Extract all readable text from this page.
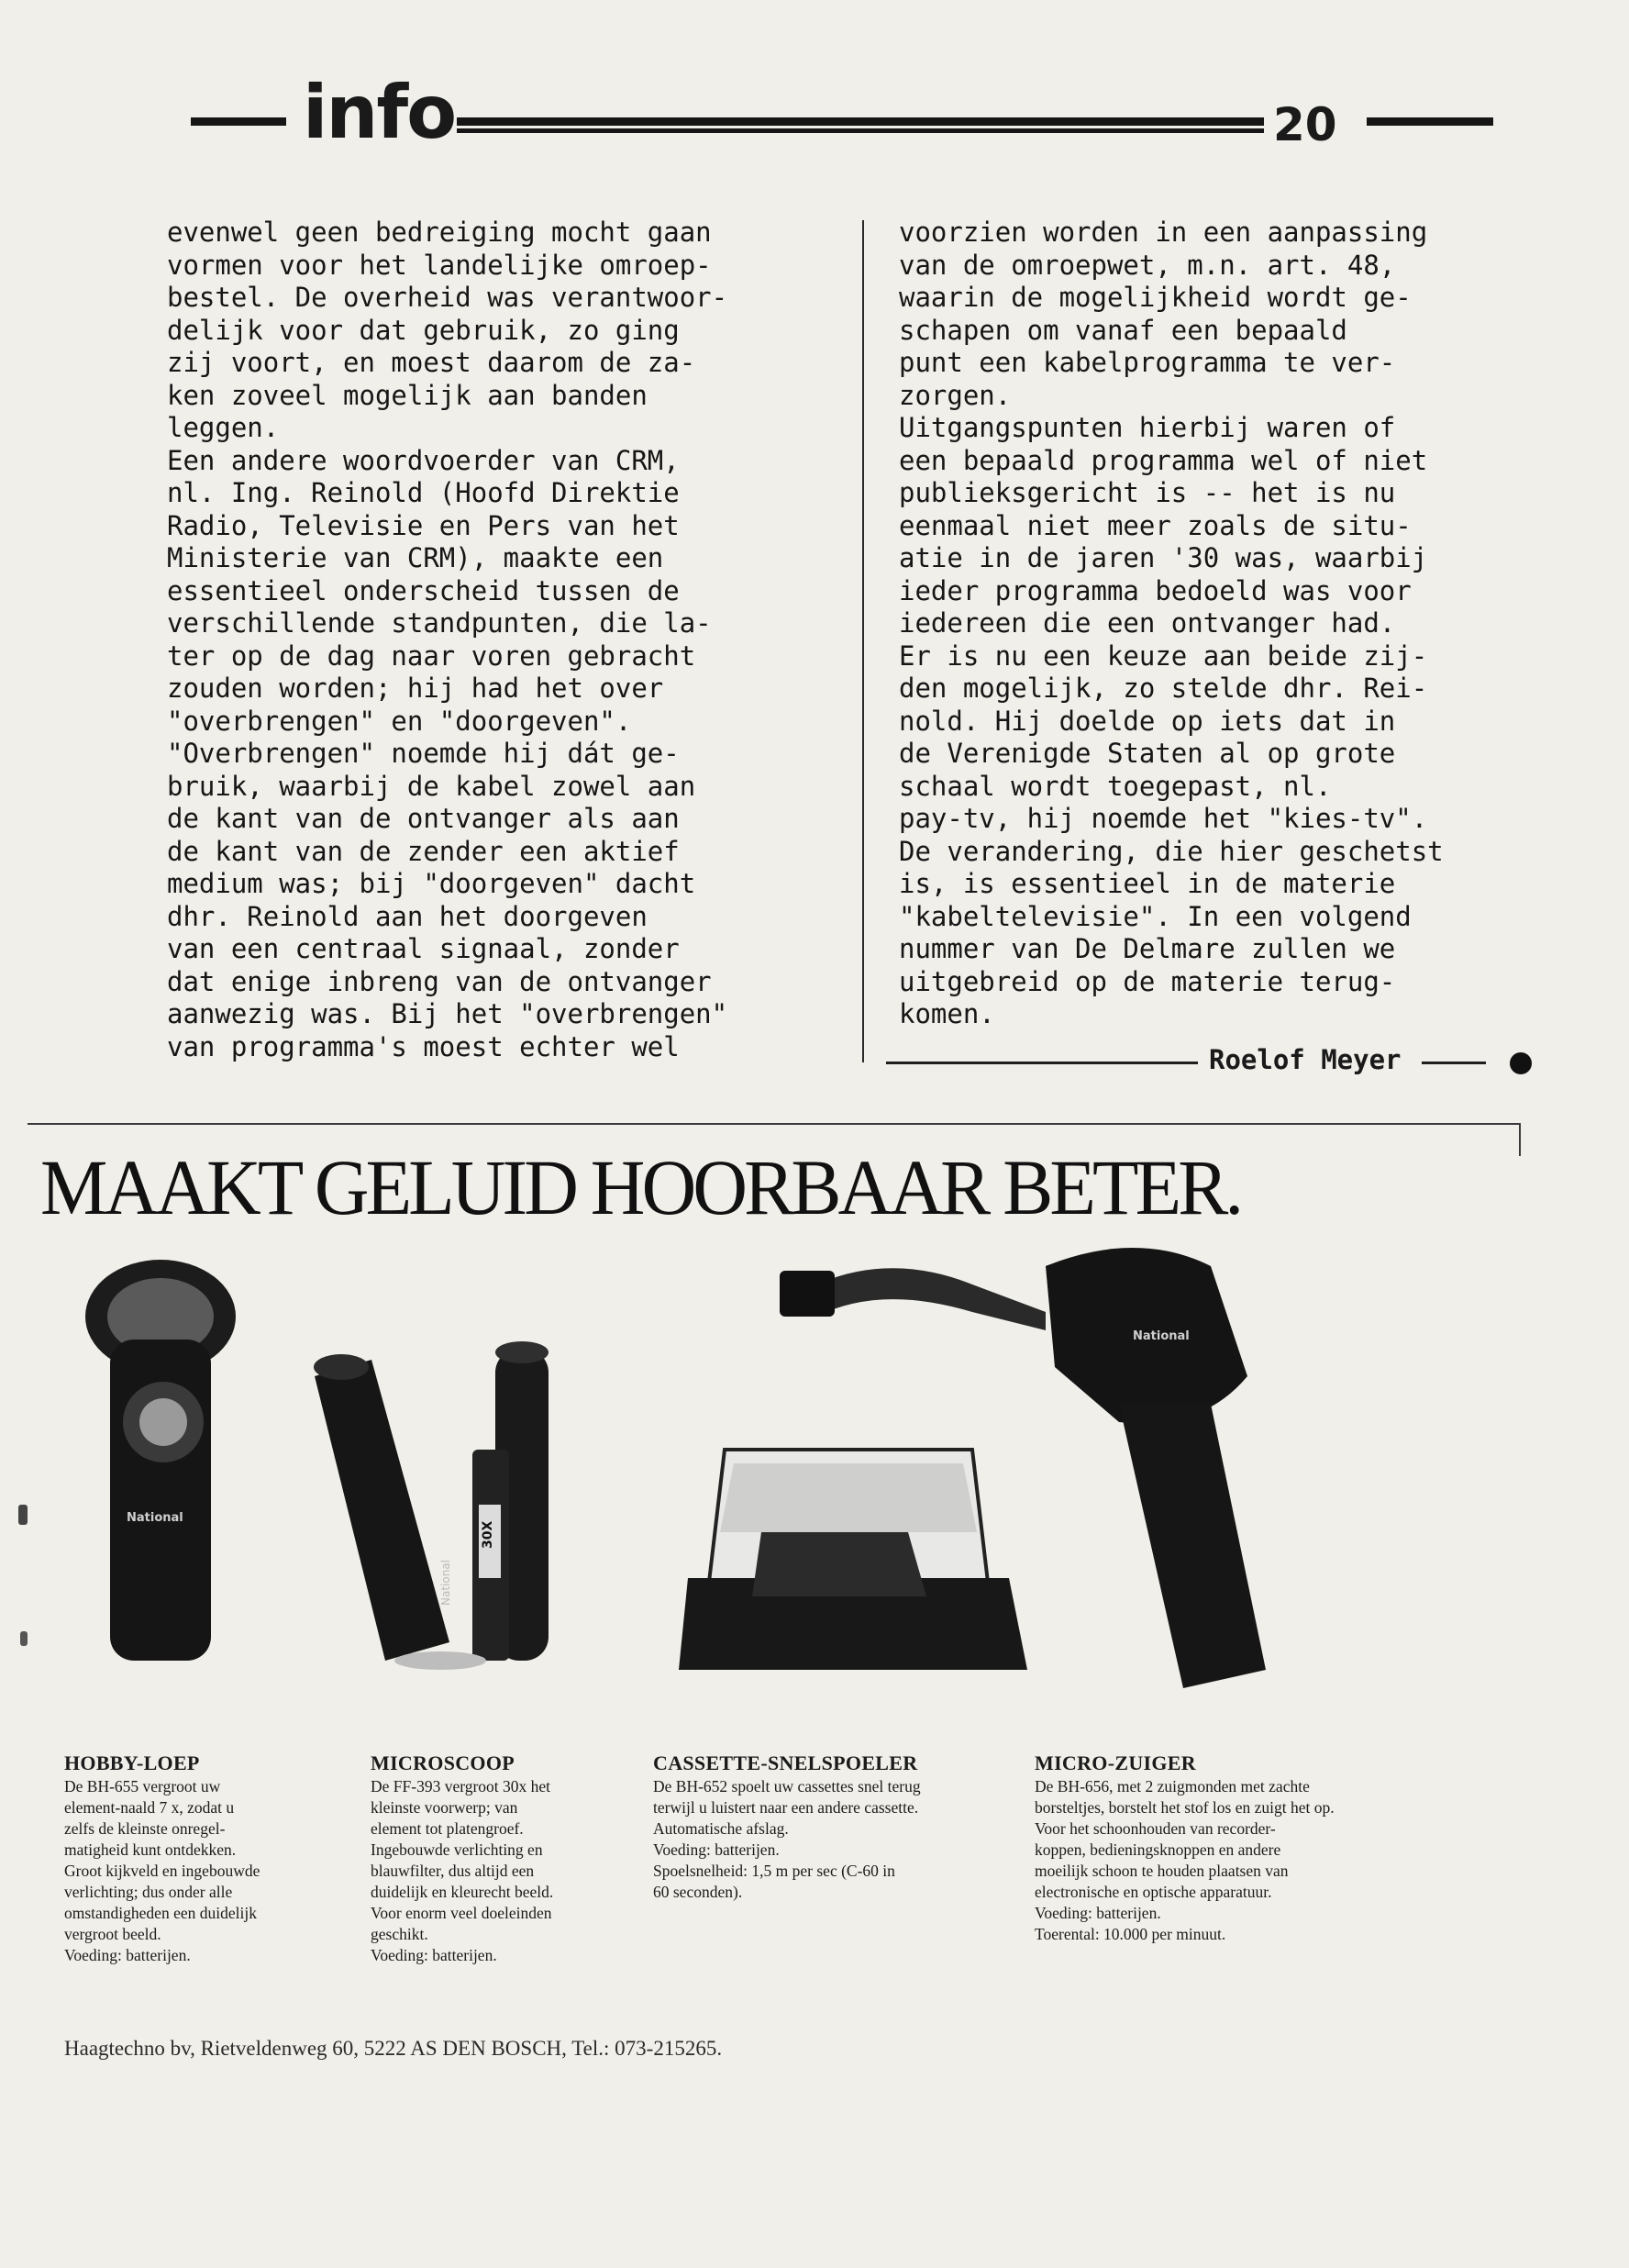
info	20
evenwel geen bedreiging mocht gaan
vormen voor het landelijke omroep-
bestel. De overheid was verantwoor-
delijk voor dat gebruik, zo ging
zij voort, en moest daarom de za-
ken zoveel mogelijk aan banden
leggen.
Een andere woordvoerder van CRM,
nl. Ing. Reinold (Hoofd Direktie
Radio, Televisie en Pers van het
Ministerie van CRM), maakte een
essentieel onderscheid tussen de
verschillende standpunten, die la-
ter op de dag naar voren gebracht
zouden worden; hij had het over
"overbrengen" en "doorgeven".
"Overbrengen" noemde hij dát ge-
bruik, waarbij de kabel zowel aan
de kant van de ontvanger als aan
de kant van de zender een aktief
medium was; bij "doorgeven" dacht
dhr. Reinold aan het doorgeven
van een centraal signaal, zonder
dat enige inbreng van de ontvanger
aanwezig was. Bij het "overbrengen"
van programma's moest echter wel
voorzien worden in een aanpassing
van de omroepwet, m.n. art. 48,
waarin de mogelijkheid wordt ge-
schapen om vanaf een bepaald
punt een kabelprogramma te ver-
zorgen.
Uitgangspunten hierbij waren of
een bepaald programma wel of niet
publieksgericht is -- het is nu
eenmaal niet meer zoals de situ-
atie in de jaren '30 was, waarbij
ieder programma bedoeld was voor
iedereen die een ontvanger had.
Er is nu een keuze aan beide zij-
den mogelijk, zo stelde dhr. Rei-
nold. Hij doelde op iets dat in
de Verenigde Staten al op grote
schaal wordt toegepast, nl.
pay-tv, hij noemde het "kies-tv".
De verandering, die hier geschetst
is, is essentieel in de materie
"kabeltelevisie". In een volgend
nummer van De Delmare zullen we
uitgebreid op de materie terug-
komen.
Roelof Meyer
MAAKT GELUID HOORBAAR BETER.
National
30X
National
National
HOBBY-LOEP
De BH-655 vergroot uw
element-naald 7 x, zodat u
zelfs de kleinste onregel-
matigheid kunt ontdekken.
Groot kijkveld en ingebouwde
verlichting; dus onder alle
omstandigheden een duidelijk
vergroot beeld.
Voeding: batterijen.
MICROSCOOP
De FF-393 vergroot 30x het
kleinste voorwerp; van
element tot platengroef.
Ingebouwde verlichting en
blauwfilter, dus altijd een
duidelijk en kleurecht beeld.
Voor enorm veel doeleinden
geschikt.
Voeding: batterijen.
CASSETTE-SNELSPOELER
De BH-652 spoelt uw cassettes snel terug
terwijl u luistert naar een andere cassette.
Automatische afslag.
Voeding: batterijen.
Spoelsnelheid: 1,5 m per sec (C-60 in
60 seconden).
MICRO-ZUIGER
De BH-656, met 2 zuigmonden met zachte
borsteltjes, borstelt het stof los en zuigt het op.
Voor het schoonhouden van recorder-
koppen, bedieningsknoppen en andere
moeilijk schoon te houden plaatsen van
electronische en optische apparatuur.
Voeding: batterijen.
Toerental: 10.000 per minuut.
Haagtechno bv, Rietveldenweg 60, 5222 AS DEN BOSCH, Tel.: 073-215265.
